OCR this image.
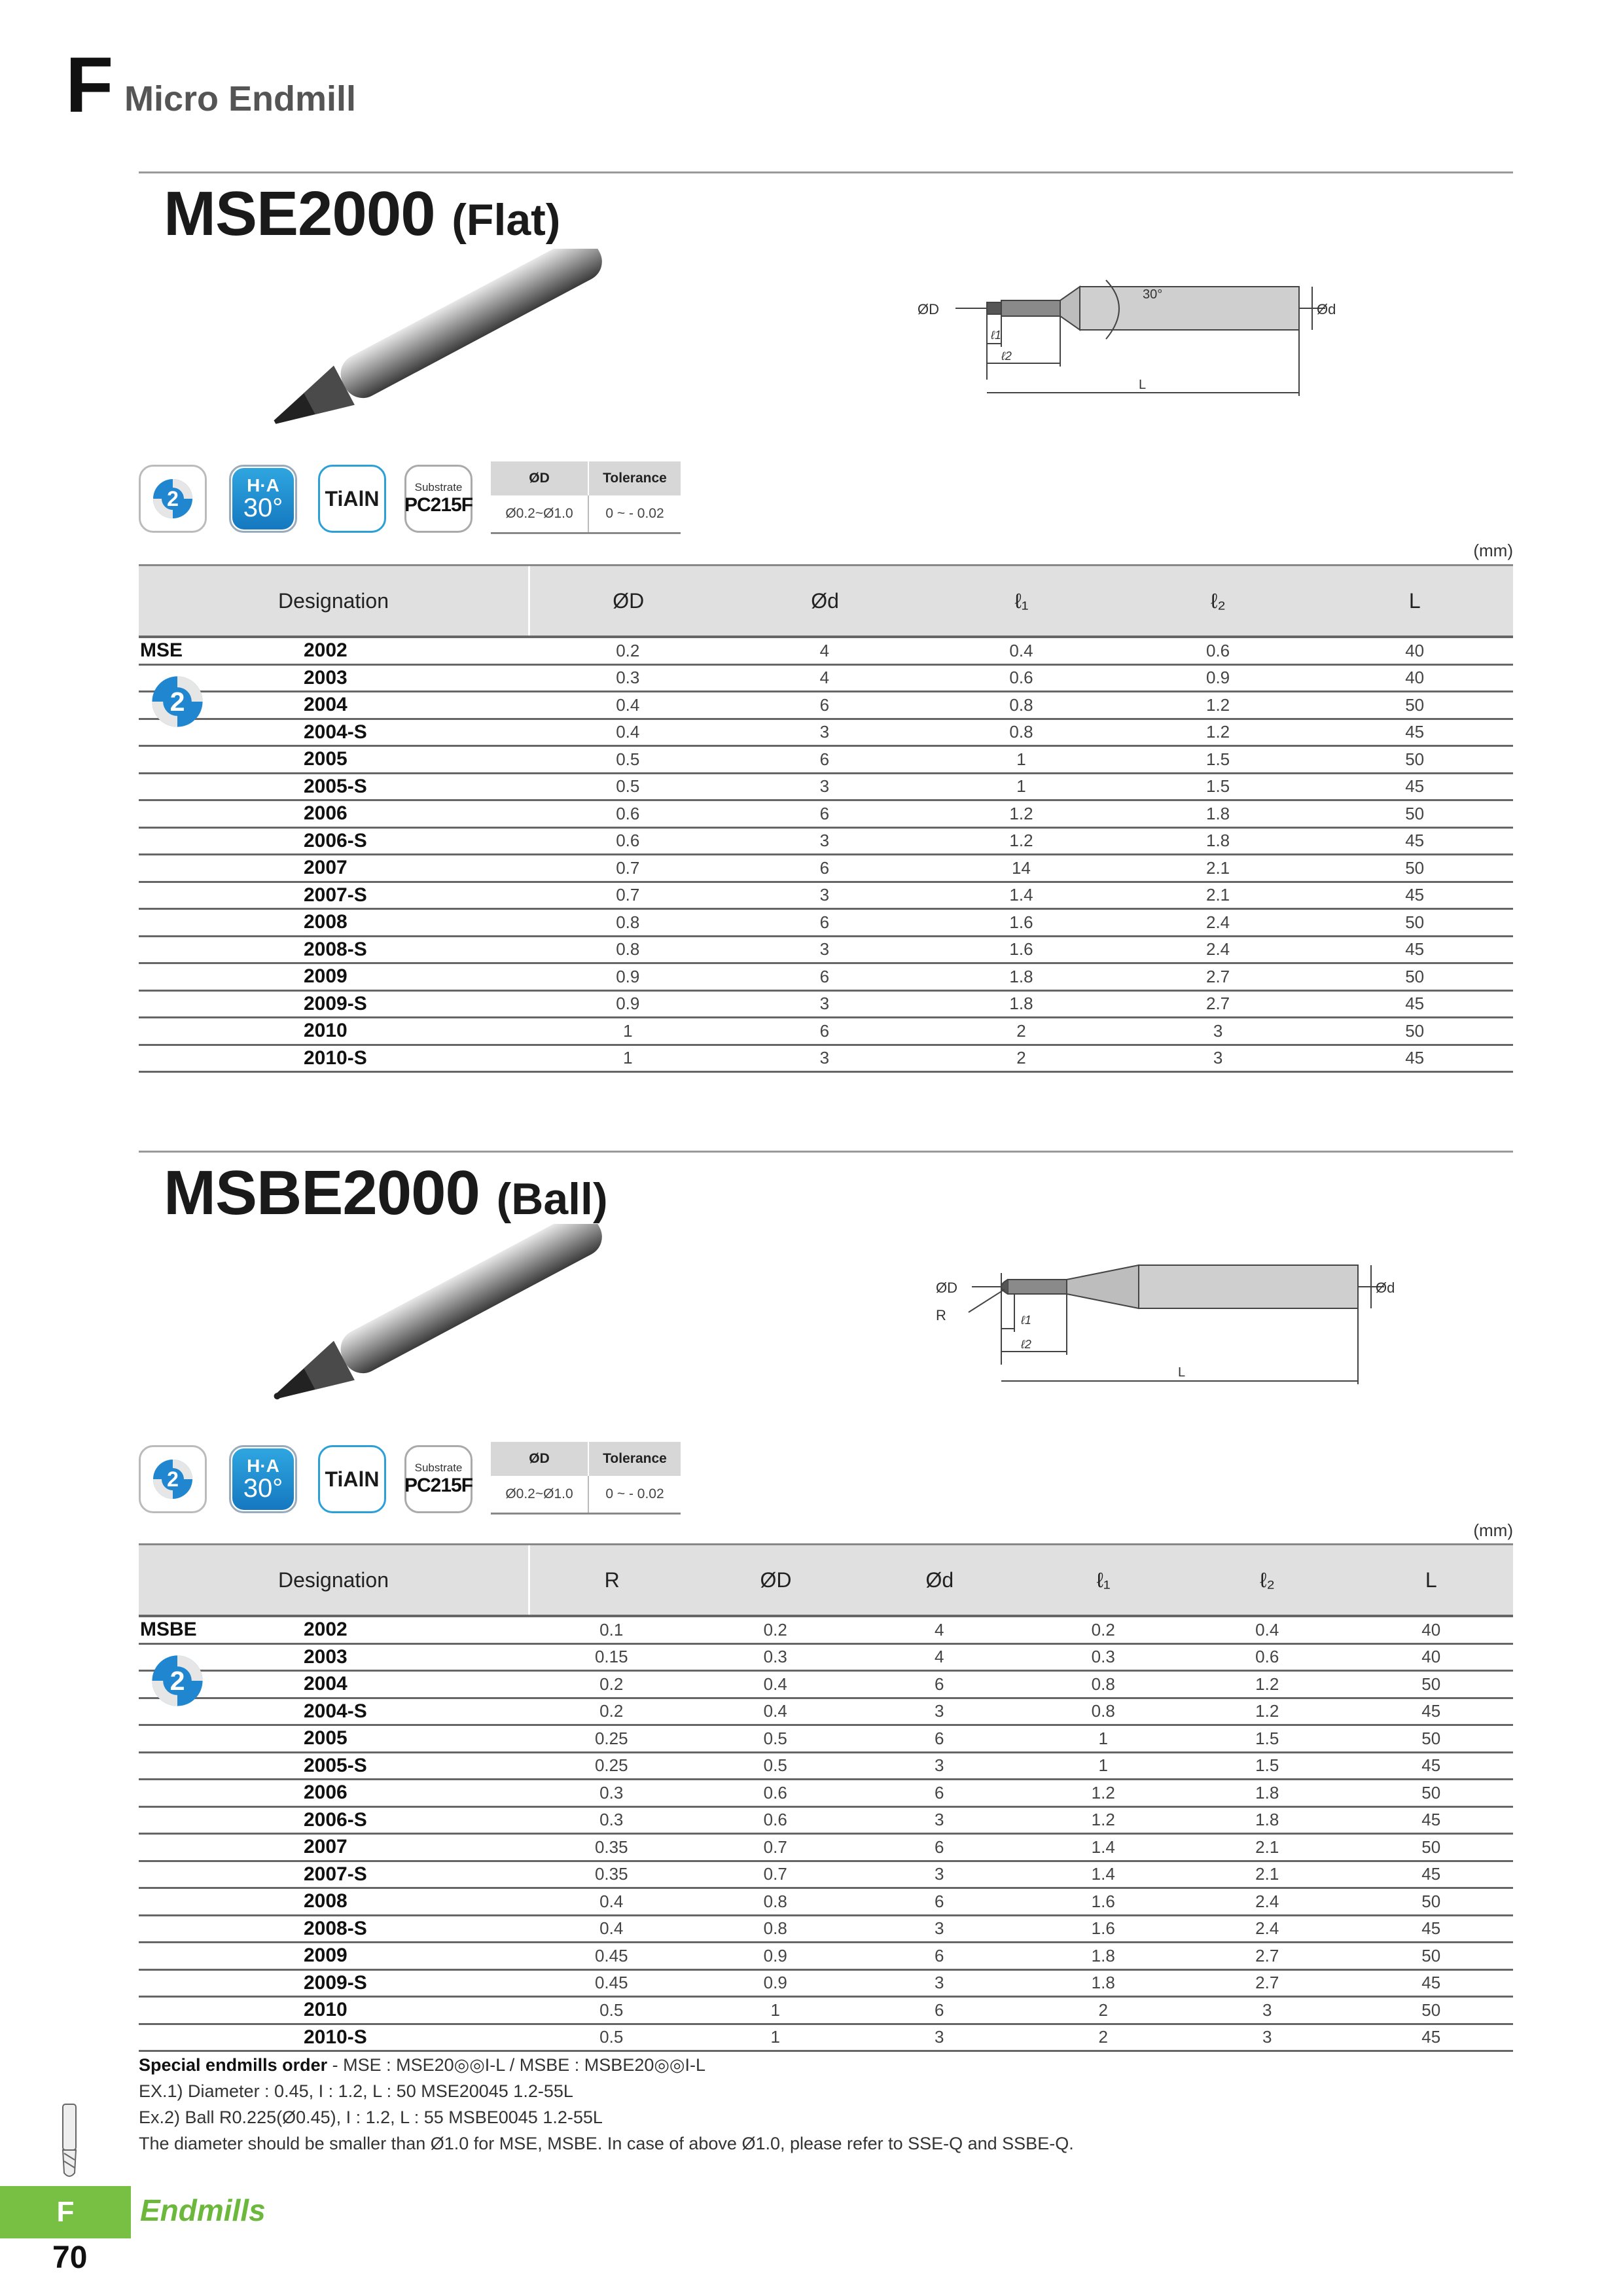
F Micro Endmill
MSE2000 (Flat)
ØD	Ød
30°
ℓ1
ℓ2
L
2
H·A
30°	TiAlN	Substrate
PC215F
ØD	Tolerance
Ø0.2~Ø1.0	0 ~ - 0.02
(mm)
Designation	ØD	Ød	ℓ₁	ℓ₂	L
MSE	2002	0.2	4	0.4	0.6	40
2003	0.3	4	0.6	0.9	40
2004	0.4	6	0.8	1.2	50
2004-S	0.4	3	0.8	1.2	45
2005	0.5	6	1	1.5	50
2005-S	0.5	3	1	1.5	45
2006	0.6	6	1.2	1.8	50
2006-S	0.6	3	1.2	1.8	45
2007	0.7	6	14	2.1	50
2007-S	0.7	3	1.4	2.1	45
2008	0.8	6	1.6	2.4	50
2008-S	0.8	3	1.6	2.4	45
2009	0.9	6	1.8	2.7	50
2009-S	0.9	3	1.8	2.7	45
2010	1	6	2	3	50
2010-S	1	3	2	3	45
2
MSBE2000 (Ball)
ØD
R
Ød
ℓ1
ℓ2
L
2
H·A
30°	TiAlN	Substrate
PC215F
ØD	Tolerance
Ø0.2~Ø1.0	0 ~ - 0.02
(mm)
Designation	R	ØD	Ød	ℓ₁	ℓ₂	L
MSBE	2002	0.1	0.2	4	0.2	0.4	40
2003	0.15	0.3	4	0.3	0.6	40
2004	0.2	0.4	6	0.8	1.2	50
2004-S	0.2	0.4	3	0.8	1.2	45
2005	0.25	0.5	6	1	1.5	50
2005-S	0.25	0.5	3	1	1.5	45
2006	0.3	0.6	6	1.2	1.8	50
2006-S	0.3	0.6	3	1.2	1.8	45
2007	0.35	0.7	6	1.4	2.1	50
2007-S	0.35	0.7	3	1.4	2.1	45
2008	0.4	0.8	6	1.6	2.4	50
2008-S	0.4	0.8	3	1.6	2.4	45
2009	0.45	0.9	6	1.8	2.7	50
2009-S	0.45	0.9	3	1.8	2.7	45
2010	0.5	1	6	2	3	50
2010-S	0.5	1	3	2	3	45
2
Special endmills order - MSE : MSE20◎◎I-L / MSBE : MSBE20◎◎I-L
EX.1) Diameter : 0.45, I : 1.2, L : 50 MSE20045 1.2-55L
Ex.2) Ball R0.225(Ø0.45), I : 1.2, L : 55 MSBE0045 1.2-55L
The diameter should be smaller than Ø1.0 for MSE, MSBE. In case of above Ø1.0, please refer to SSE-Q and SSBE-Q.
F	Endmills
70
